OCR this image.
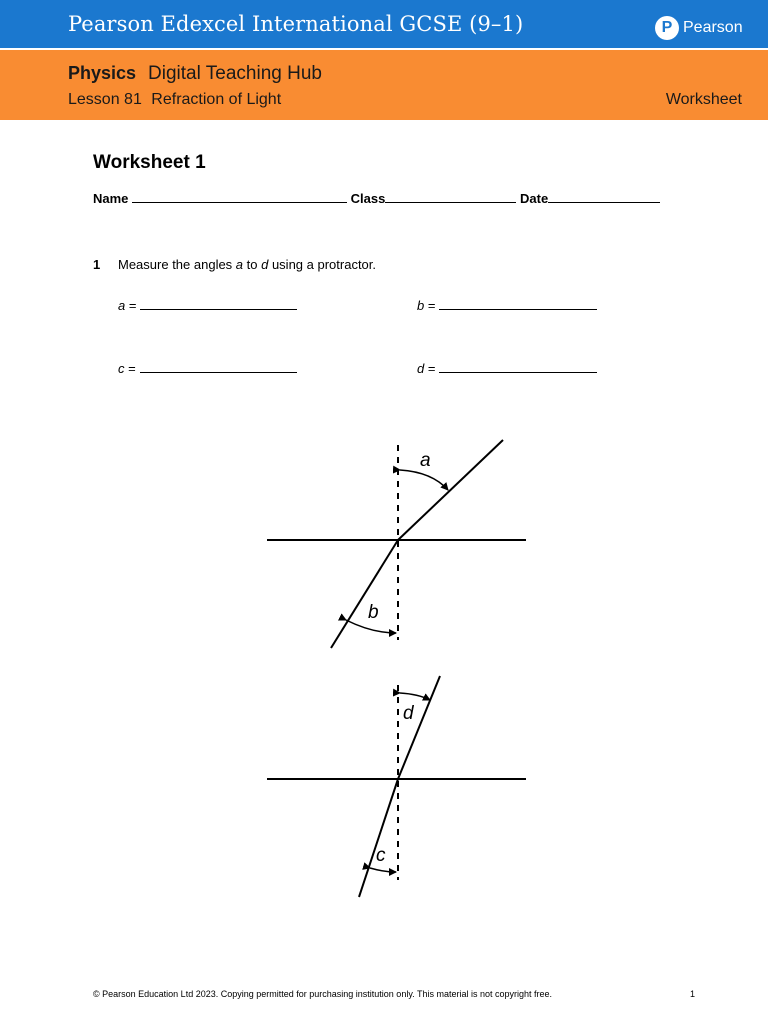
Pearson Edexcel International GCSE (9–1)	P Pearson
Physics Digital Teaching Hub
Lesson 81 Refraction of Light	Worksheet
Worksheet 1
Name	Class	Date
1 Measure the angles a to d using a protractor.
a =	b =
c =	d =
a
b
d
c
© Pearson Education Ltd 2023. Copying permitted for purchasing institution only. This material is not copyright free.	1
